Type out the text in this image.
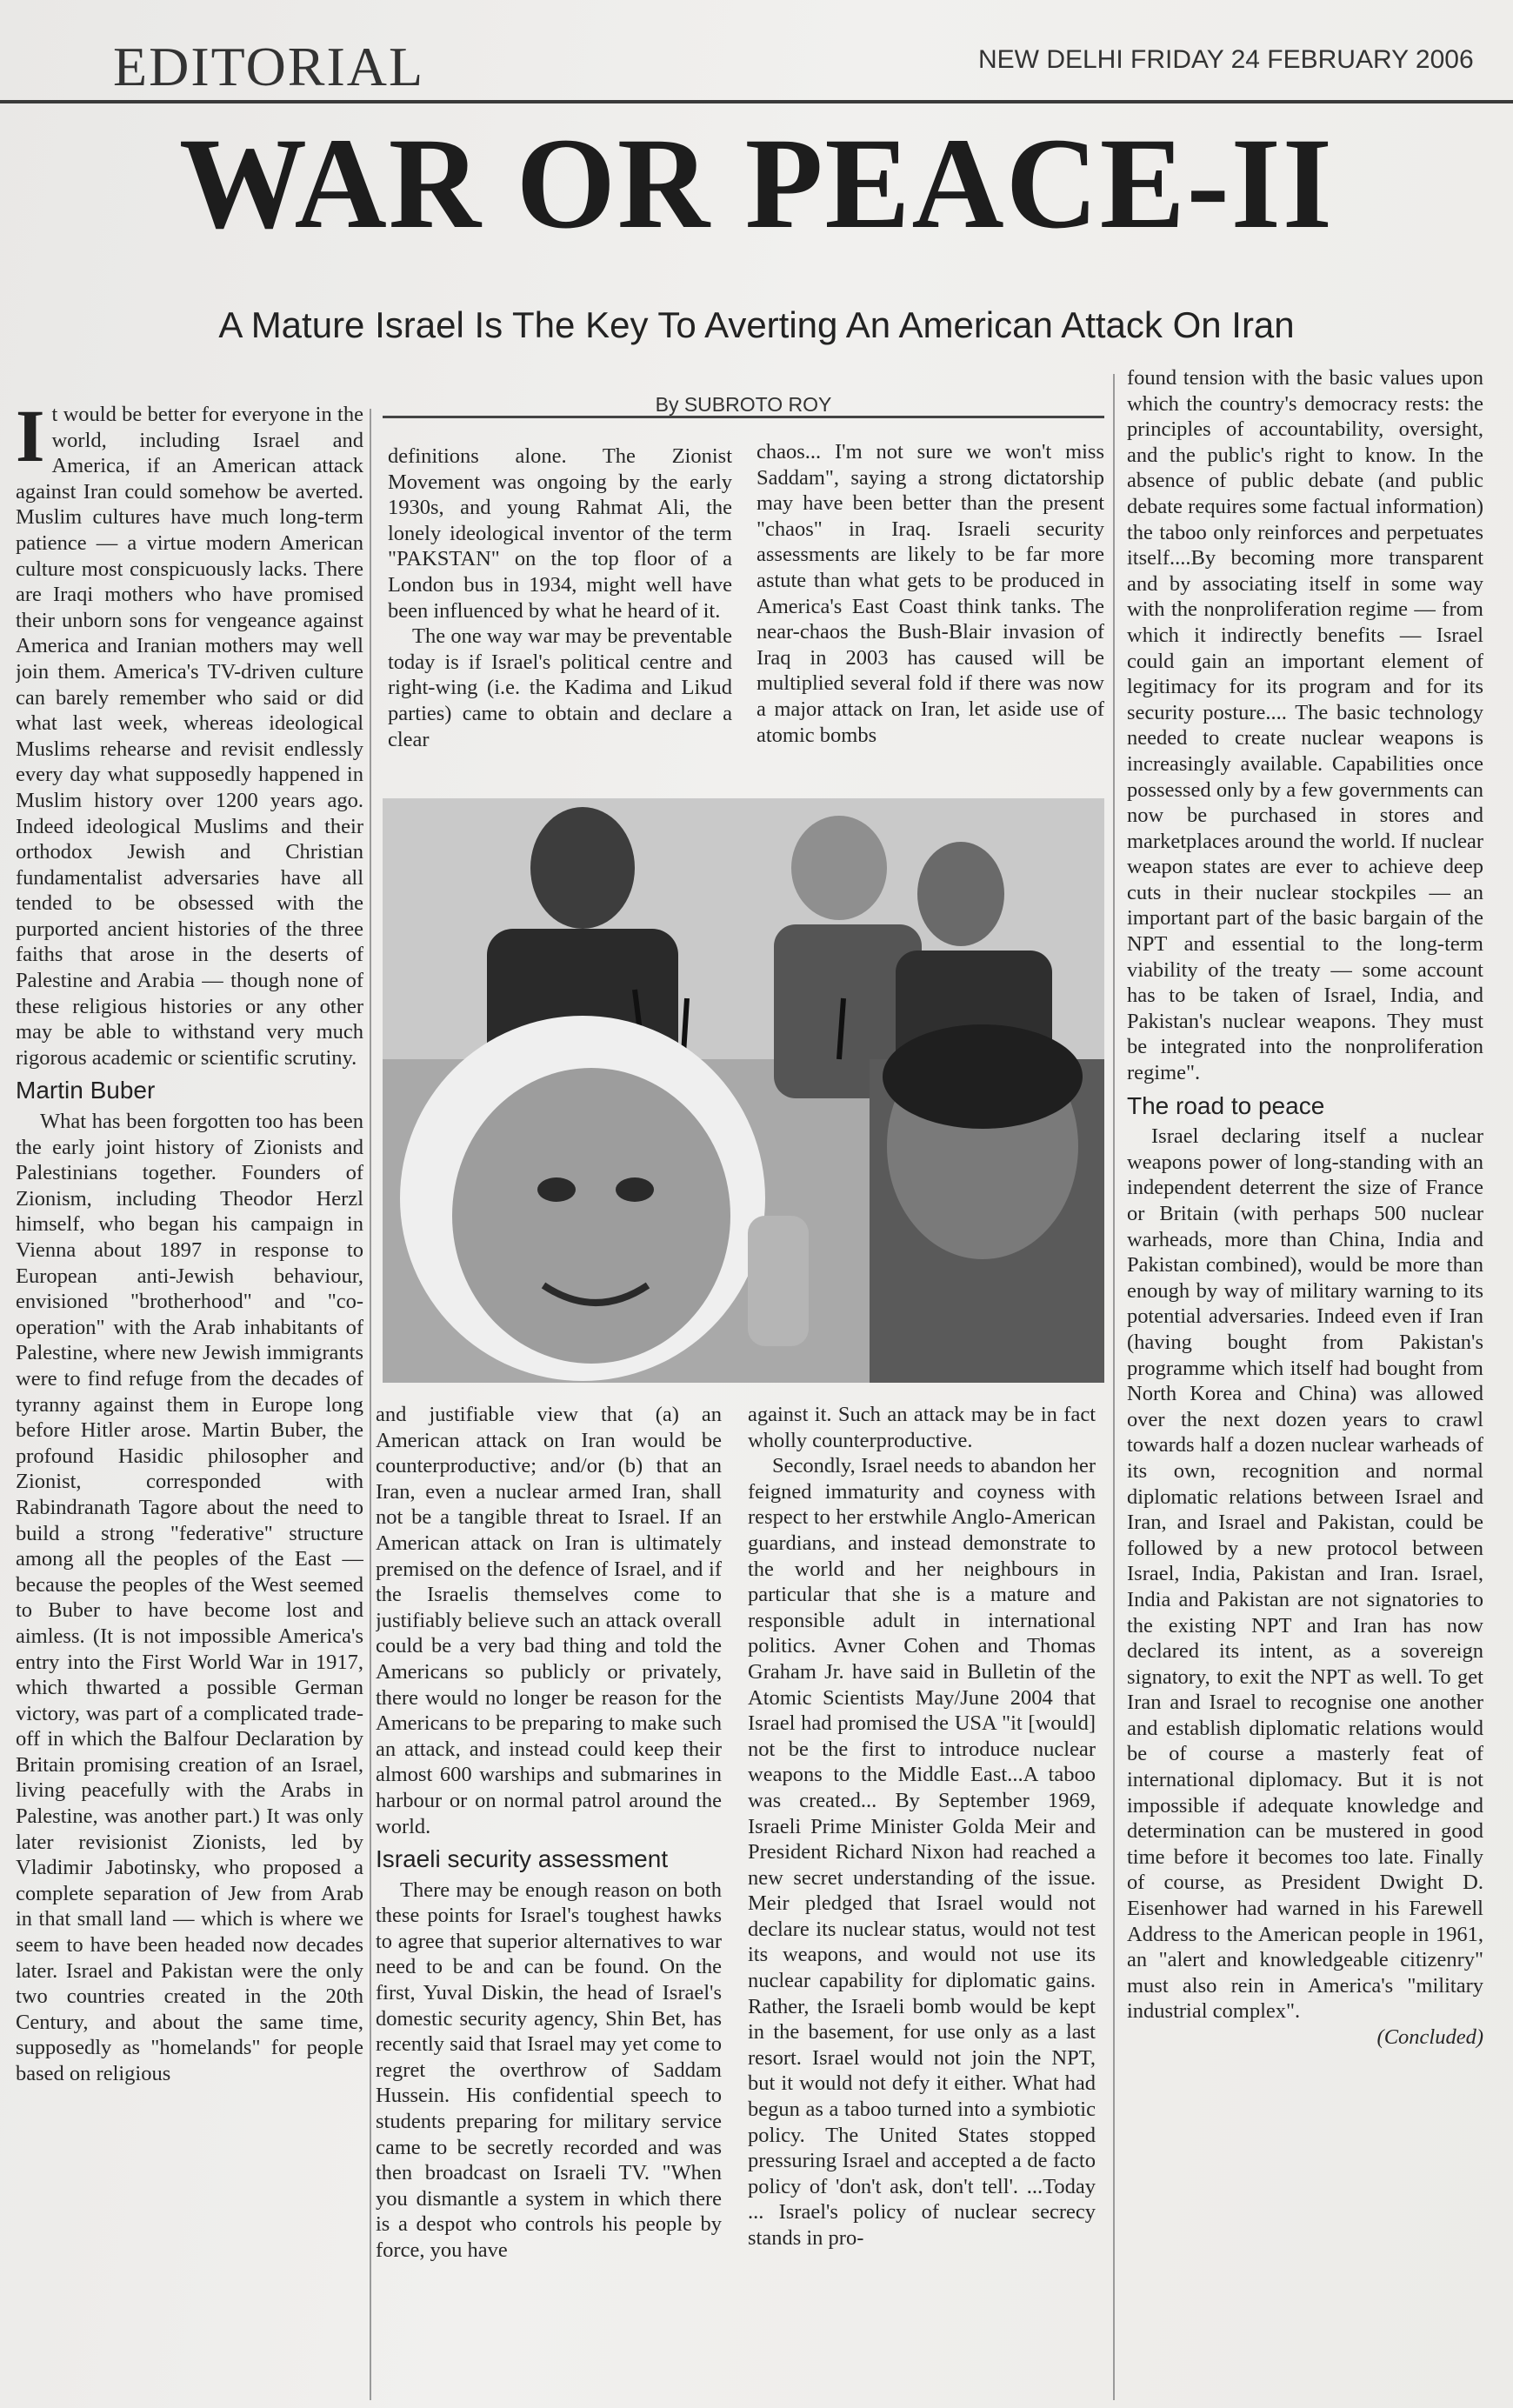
EDITORIAL	NEW DELHI FRIDAY 24 FEBRUARY 2006
WAR OR PEACE-II
A Mature Israel Is The Key To Averting An American Attack On Iran
By SUBROTO ROY

It would be better for everyone in the world, including Israel and America, if an American attack against Iran could somehow be averted. Muslim cultures have much long-term patience — a virtue modern American culture most conspicuously lacks. There are Iraqi mothers who have promised their unborn sons for vengeance against America and Iranian mothers may well join them. America's TV-driven culture can barely remember who said or did what last week, whereas ideological Muslims rehearse and revisit endlessly every day what supposedly happened in Muslim history over 1200 years ago. Indeed ideological Muslims and their orthodox Jewish and Christian fundamentalist adversaries have all tended to be obsessed with the purported ancient histories of the three faiths that arose in the deserts of Palestine and Arabia — though none of these religious histories or any other may be able to withstand very much rigorous academic or scientific scrutiny.

Martin Buber

What has been forgotten too has been the early joint history of Zionists and Palestinians together. Founders of Zionism, including Theodor Herzl himself, who began his campaign in Vienna about 1897 in response to European anti-Jewish behaviour, envisioned "brotherhood" and "co-operation" with the Arab inhabitants of Palestine, where new Jewish immigrants were to find refuge from the decades of tyranny against them in Europe long before Hitler arose. Martin Buber, the profound Hasidic philosopher and Zionist, corresponded with Rabindranath Tagore about the need to build a strong "federative" structure among all the peoples of the East — because the peoples of the West seemed to Buber to have become lost and aimless. (It is not impossible America's entry into the First World War in 1917, which thwarted a possible German victory, was part of a complicated trade-off in which the Balfour Declaration by Britain promising creation of an Israel, living peacefully with the Arabs in Palestine, was another part.) It was only later revisionist Zionists, led by Vladimir Jabotinsky, who proposed a complete separation of Jew from Arab in that small land — which is where we seem to have been headed now decades later. Israel and Pakistan were the only two countries created in the 20th Century, and about the same time, supposedly as "homelands" for people based on religious

definitions alone. The Zionist Movement was ongoing by the early 1930s, and young Rahmat Ali, the lonely ideological inventor of the term "PAKSTAN" on the top floor of a London bus in 1934, might well have been influenced by what he heard of it.

The one way war may be preventable today is if Israel's political centre and right-wing (i.e. the Kadima and Likud parties) came to obtain and declare a clear

chaos... I'm not sure we won't miss Saddam", saying a strong dictatorship may have been better than the present "chaos" in Iraq. Israeli security assessments are likely to be far more astute than what gets to be produced in America's East Coast think tanks. The near-chaos the Bush-Blair invasion of Iraq in 2003 has caused will be multiplied several fold if there was now a major attack on Iran, let aside use of atomic bombs

and justifiable view that (a) an American attack on Iran would be counterproductive; and/or (b) that an Iran, even a nuclear armed Iran, shall not be a tangible threat to Israel. If an American attack on Iran is ultimately premised on the defence of Israel, and if the Israelis themselves come to justifiably believe such an attack overall could be a very bad thing and told the Americans so publicly or privately, there would no longer be reason for the Americans to be preparing to make such an attack, and instead could keep their almost 600 warships and submarines in harbour or on normal patrol around the world.

Israeli security assessment

There may be enough reason on both these points for Israel's toughest hawks to agree that superior alternatives to war need to be and can be found. On the first, Yuval Diskin, the head of Israel's domestic security agency, Shin Bet, has recently said that Israel may yet come to regret the overthrow of Saddam Hussein. His confidential speech to students preparing for military service came to be secretly recorded and was then broadcast on Israeli TV. "When you dismantle a system in which there is a despot who controls his people by force, you have

against it. Such an attack may be in fact wholly counterproductive.

Secondly, Israel needs to abandon her feigned immaturity and coyness with respect to her erstwhile Anglo-American guardians, and instead demonstrate to the world and her neighbours in particular that she is a mature and responsible adult in international politics. Avner Cohen and Thomas Graham Jr. have said in Bulletin of the Atomic Scientists May/June 2004 that Israel had promised the USA "it [would] not be the first to introduce nuclear weapons to the Middle East...A taboo was created... By September 1969, Israeli Prime Minister Golda Meir and President Richard Nixon had reached a new secret understanding of the issue. Meir pledged that Israel would not declare its nuclear status, would not test its weapons, and would not use its nuclear capability for diplomatic gains. Rather, the Israeli bomb would be kept in the basement, for use only as a last resort. Israel would not join the NPT, but it would not defy it either. What had begun as a taboo turned into a symbiotic policy. The United States stopped pressuring Israel and accepted a de facto policy of 'don't ask, don't tell'. ...Today ... Israel's policy of nuclear secrecy stands in pro-

found tension with the basic values upon which the country's democracy rests: the principles of accountability, oversight, and the public's right to know. In the absence of public debate (and public debate requires some factual information) the taboo only reinforces and perpetuates itself....By becoming more transparent and by associating itself in some way with the nonproliferation regime — from which it indirectly benefits — Israel could gain an important element of legitimacy for its program and for its security posture.... The basic technology needed to create nuclear weapons is increasingly available. Capabilities once possessed only by a few governments can now be purchased in stores and marketplaces around the world. If nuclear weapon states are ever to achieve deep cuts in their nuclear stockpiles — an important part of the basic bargain of the NPT and essential to the long-term viability of the treaty — some account has to be taken of Israel, India, and Pakistan's nuclear weapons. They must be integrated into the nonproliferation regime".

The road to peace

Israel declaring itself a nuclear weapons power of long-standing with an independent deterrent the size of France or Britain (with perhaps 500 nuclear warheads, more than China, India and Pakistan combined), would be more than enough by way of military warning to its potential adversaries. Indeed even if Iran (having bought from Pakistan's programme which itself had bought from North Korea and China) was allowed over the next dozen years to crawl towards half a dozen nuclear warheads of its own, recognition and normal diplomatic relations between Israel and Iran, and Israel and Pakistan, could be followed by a new protocol between Israel, India, Pakistan and Iran. Israel, India and Pakistan are not signatories to the existing NPT and Iran has now declared its intent, as a sovereign signatory, to exit the NPT as well. To get Iran and Israel to recognise one another and establish diplomatic relations would be of course a masterly feat of international diplomacy. But it is not impossible if adequate knowledge and determination can be mustered in good time before it becomes too late. Finally of course, as President Dwight D. Eisenhower had warned in his Farewell Address to the American people in 1961, an "alert and knowledgeable citizenry" must also rein in America's "military industrial complex".

(Concluded)
